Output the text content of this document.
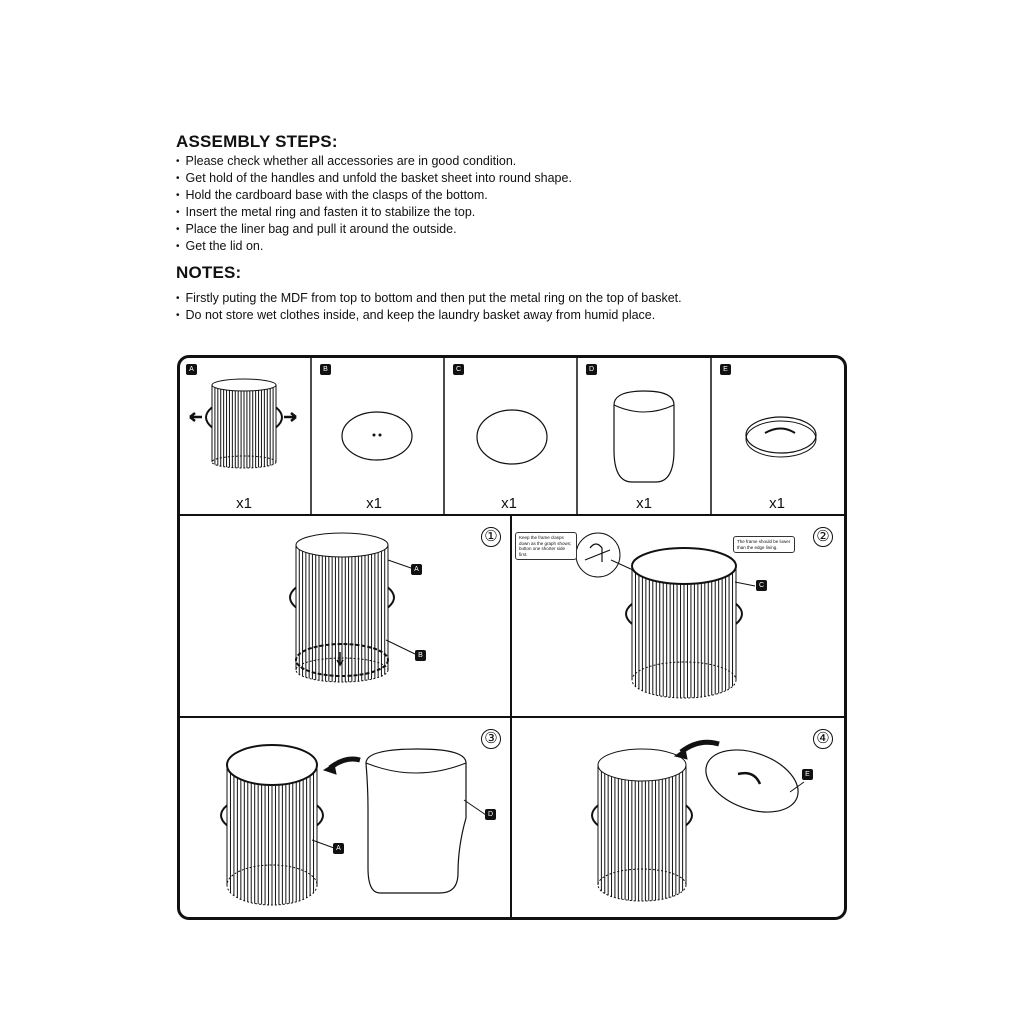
ASSEMBLY STEPS:
• Please check whether all accessories are in good condition.
• Get hold of the handles and unfold the basket sheet into round shape.
• Hold the cardboard base with the clasps of the bottom.
• Insert the metal ring and fasten it to stabilize the top.
• Place the liner bag and pull it around the outside.
• Get the lid on.
NOTES:
• Firstly puting the MDF from top to bottom and then put the metal ring on the top of basket.
• Do not store wet clothes inside, and keep the laundry basket away from humid place.
A	B	C	D	E
x1	x1	x1	x1	x1
①
A
B
②
C
Keep the frame clasps down as the graph shows; button one shorter side first.
The frame should be lower than the edge lining.
③
D
A
④
E
